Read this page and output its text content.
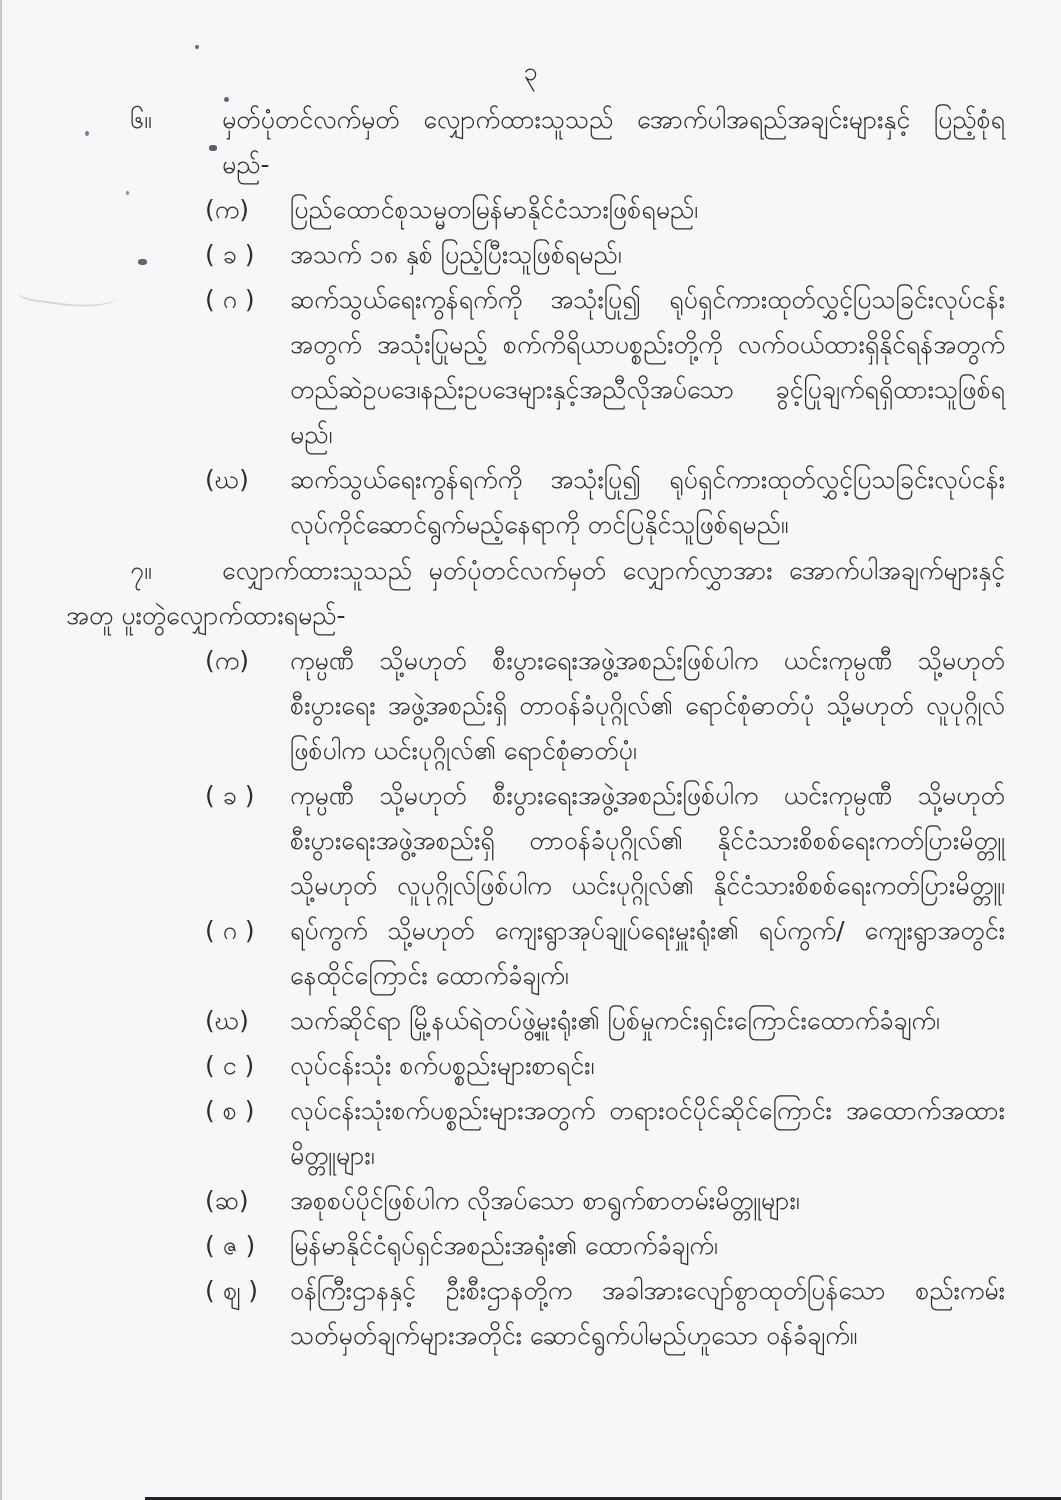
၃
၆။	မှတ်ပုံတင်လက်မှတ် လျှောက်ထားသူသည် အောက်ပါအရည်အချင်းများနှင့် ပြည့်စုံရမည်-
(က)	ပြည်ထောင်စုသမ္မတမြန်မာနိုင်ငံသားဖြစ်ရမည်၊
( ခ )	အသက် ၁၈ နှစ် ပြည့်ပြီးသူဖြစ်ရမည်၊
( ဂ )	ဆက်သွယ်ရေးကွန်ရက်ကို အသုံးပြု၍ ရုပ်ရှင်ကားထုတ်လွှင့်ပြသခြင်းလုပ်ငန်း
အတွက် အသုံးပြုမည့် စက်ကိရိယာပစ္စည်းတို့ကို လက်ဝယ်ထားရှိနိုင်ရန်အတွက်
တည်ဆဲဥပဒေ၊နည်းဥပဒေများနှင့်အညီလိုအပ်သော ခွင့်ပြုချက်ရရှိထားသူဖြစ်ရမည်၊
(ဃ)	ဆက်သွယ်ရေးကွန်ရက်ကို အသုံးပြု၍ ရုပ်ရှင်ကားထုတ်လွှင့်ပြသခြင်းလုပ်ငန်း
လုပ်ကိုင်ဆောင်ရွက်မည့်နေရာကို တင်ပြနိုင်သူဖြစ်ရမည်။
၇။	လျှောက်ထားသူသည် မှတ်ပုံတင်လက်မှတ် လျှောက်လွှာအား အောက်ပါအချက်များနှင့်
အတူ ပူးတွဲလျှောက်ထားရမည်-
(က)	ကုမ္ပဏီ သို့မဟုတ် စီးပွားရေးအဖွဲ့အစည်းဖြစ်ပါက ယင်းကုမ္ပဏီ သို့မဟုတ်
စီးပွားရေး အဖွဲ့အစည်းရှိ တာဝန်ခံပုဂ္ဂိုလ်၏ ရောင်စုံဓာတ်ပုံ သို့မဟုတ် လူပုဂ္ဂိုလ်
ဖြစ်ပါက ယင်းပုဂ္ဂိုလ်၏ ရောင်စုံဓာတ်ပုံ၊
( ခ )	ကုမ္ပဏီ သို့မဟုတ် စီးပွားရေးအဖွဲ့အစည်းဖြစ်ပါက ယင်းကုမ္ပဏီ သို့မဟုတ်
စီးပွားရေးအဖွဲ့အစည်းရှိ တာဝန်ခံပုဂ္ဂိုလ်၏ နိုင်ငံသားစိစစ်ရေးကတ်ပြားမိတ္တူ
သို့မဟုတ် လူပုဂ္ဂိုလ်ဖြစ်ပါက ယင်းပုဂ္ဂိုလ်၏ နိုင်ငံသားစိစစ်ရေးကတ်ပြားမိတ္တူ၊
( ဂ )	ရပ်ကွက် သို့မဟုတ် ကျေးရွာအုပ်ချုပ်ရေးမှူးရုံး၏ ရပ်ကွက်/ ကျေးရွာအတွင်း
နေထိုင်ကြောင်း ထောက်ခံချက်၊
(ဃ)	သက်ဆိုင်ရာ မြို့နယ်ရဲတပ်ဖွဲ့မှူးရုံး၏ ပြစ်မှုကင်းရှင်းကြောင်းထောက်ခံချက်၊
( င )	လုပ်ငန်းသုံး စက်ပစ္စည်းများစာရင်း၊
( စ )	လုပ်ငန်းသုံးစက်ပစ္စည်းများအတွက် တရားဝင်ပိုင်ဆိုင်ကြောင်း အထောက်အထား
မိတ္တူများ၊
(ဆ)	အစုစပ်ပိုင်ဖြစ်ပါက လိုအပ်သော စာရွက်စာတမ်းမိတ္တူများ၊
( ဇ )	မြန်မာနိုင်ငံရုပ်ရှင်အစည်းအရုံး၏ ထောက်ခံချက်၊
( ဈ )	ဝန်ကြီးဌာနနှင့် ဦးစီးဌာနတို့က အခါအားလျော်စွာထုတ်ပြန်သော စည်းကမ်း
သတ်မှတ်ချက်များအတိုင်း ဆောင်ရွက်ပါမည်ဟူသော ဝန်ခံချက်။
